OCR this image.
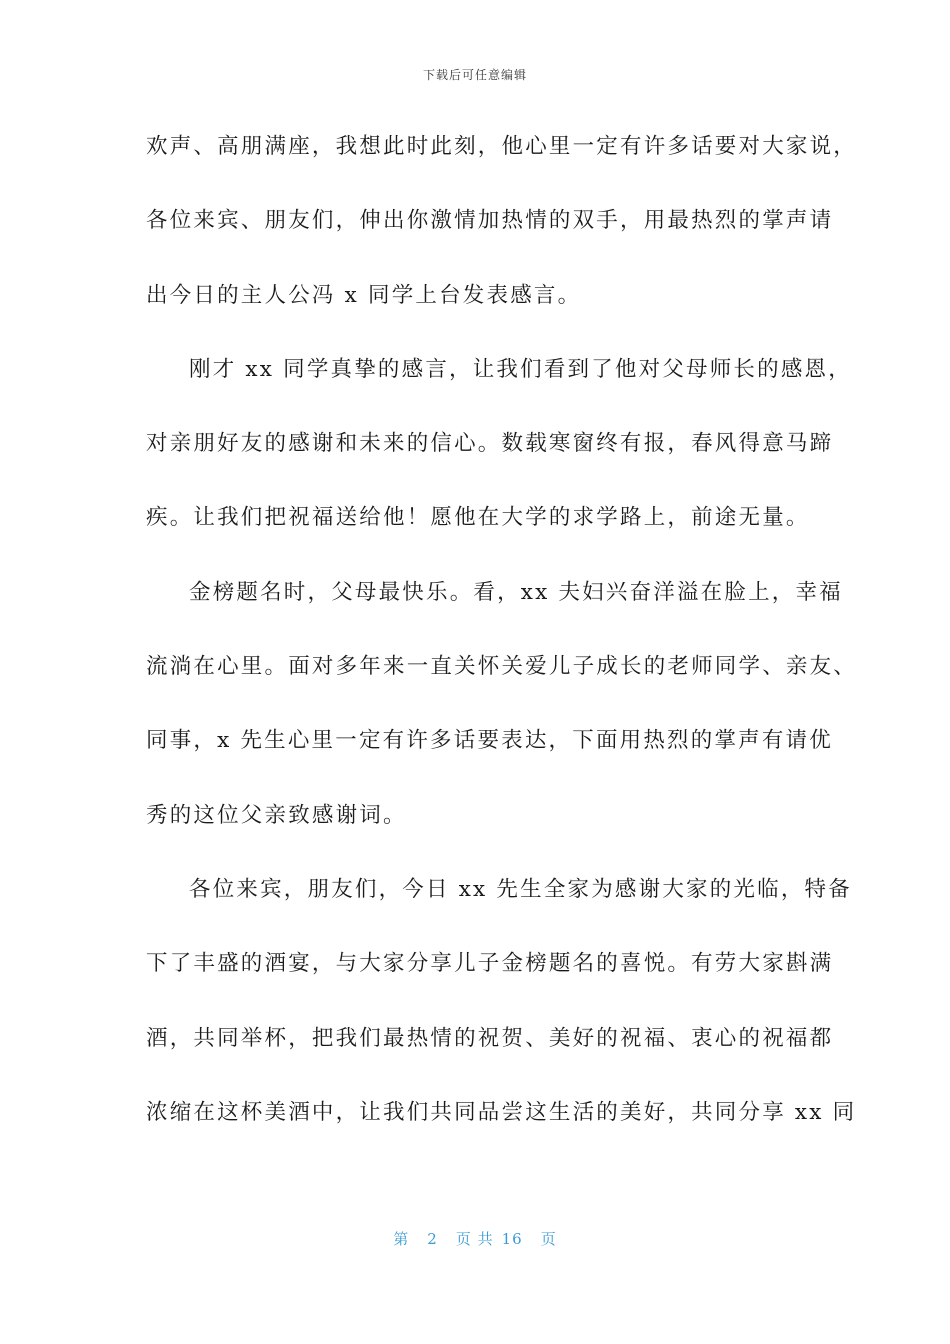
下载后可任意编辑
欢声、高朋满座，我想此时此刻，他心里一定有许多话要对大家说，
各位来宾、朋友们，伸出你激情加热情的双手，用最热烈的掌声请
出今日的主人公冯 x 同学上台发表感言。
刚才 xx 同学真挚的感言，让我们看到了他对父母师长的感恩，
对亲朋好友的感谢和未来的信心。数载寒窗终有报，春风得意马蹄
疾。让我们把祝福送给他！愿他在大学的求学路上，前途无量。
金榜题名时，父母最快乐。看，xx 夫妇兴奋洋溢在脸上，幸福
流淌在心里。面对多年来一直关怀关爱儿子成长的老师同学、亲友、
同事，x 先生心里一定有许多话要表达，下面用热烈的掌声有请优
秀的这位父亲致感谢词。
各位来宾，朋友们，今日 xx 先生全家为感谢大家的光临，特备
下了丰盛的酒宴，与大家分享儿子金榜题名的喜悦。有劳大家斟满
酒，共同举杯，把我们最热情的祝贺、美好的祝福、衷心的祝福都
浓缩在这杯美酒中，让我们共同品尝这生活的美好，共同分享 xx 同
第 2 页 共 16 页
